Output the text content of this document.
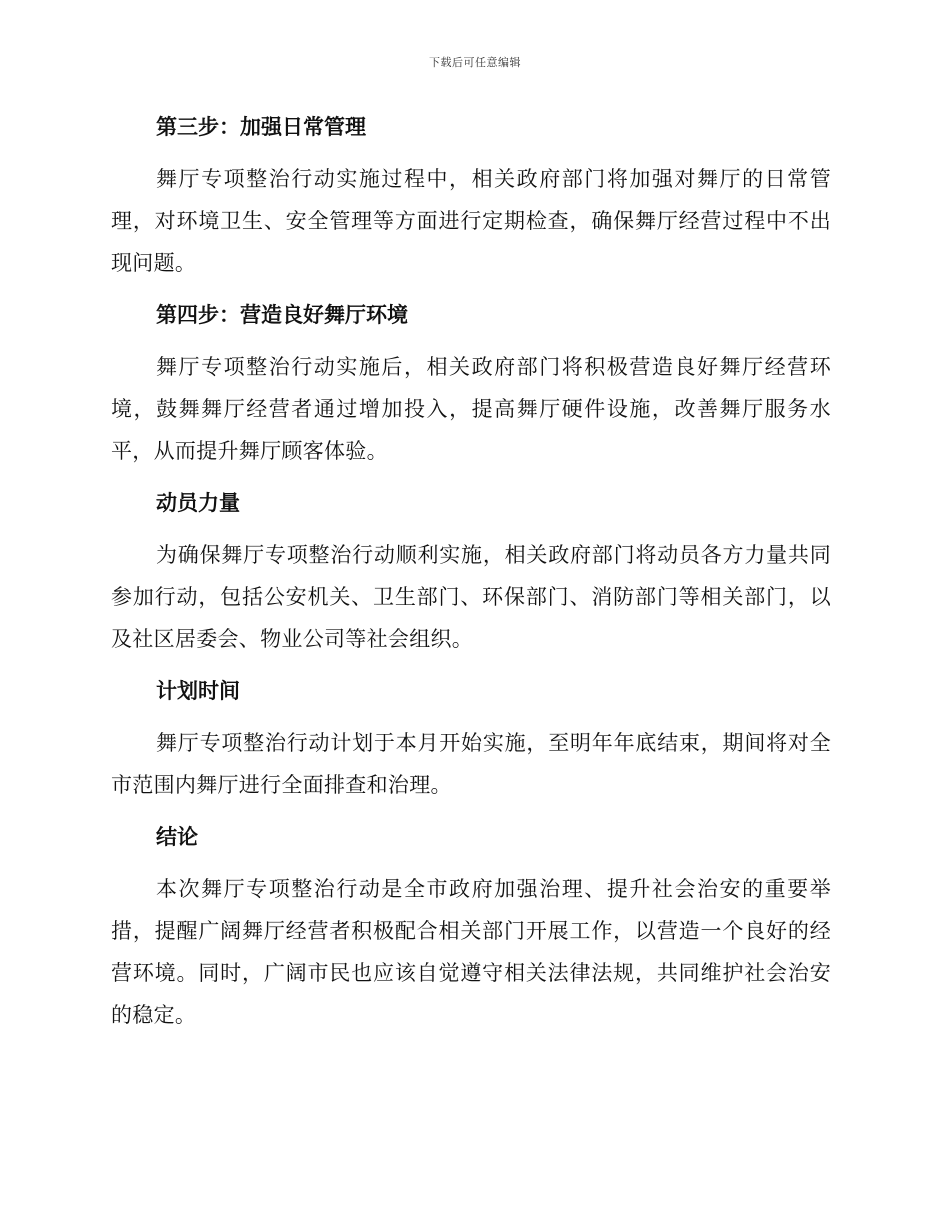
下载后可任意编辑
第三步：加强日常管理

舞厅专项整治行动实施过程中，相关政府部门将加强对舞厅的日常管理，对环境卫生、安全管理等方面进行定期检查，确保舞厅经营过程中不出现问题。

第四步：营造良好舞厅环境

舞厅专项整治行动实施后，相关政府部门将积极营造良好舞厅经营环境，鼓舞舞厅经营者通过增加投入，提高舞厅硬件设施，改善舞厅服务水平，从而提升舞厅顾客体验。

动员力量

为确保舞厅专项整治行动顺利实施，相关政府部门将动员各方力量共同参加行动，包括公安机关、卫生部门、环保部门、消防部门等相关部门，以及社区居委会、物业公司等社会组织。

计划时间

舞厅专项整治行动计划于本月开始实施，至明年年底结束，期间将对全市范围内舞厅进行全面排查和治理。

结论

本次舞厅专项整治行动是全市政府加强治理、提升社会治安的重要举措，提醒广阔舞厅经营者积极配合相关部门开展工作，以营造一个良好的经营环境。同时，广阔市民也应该自觉遵守相关法律法规，共同维护社会治安的稳定。
